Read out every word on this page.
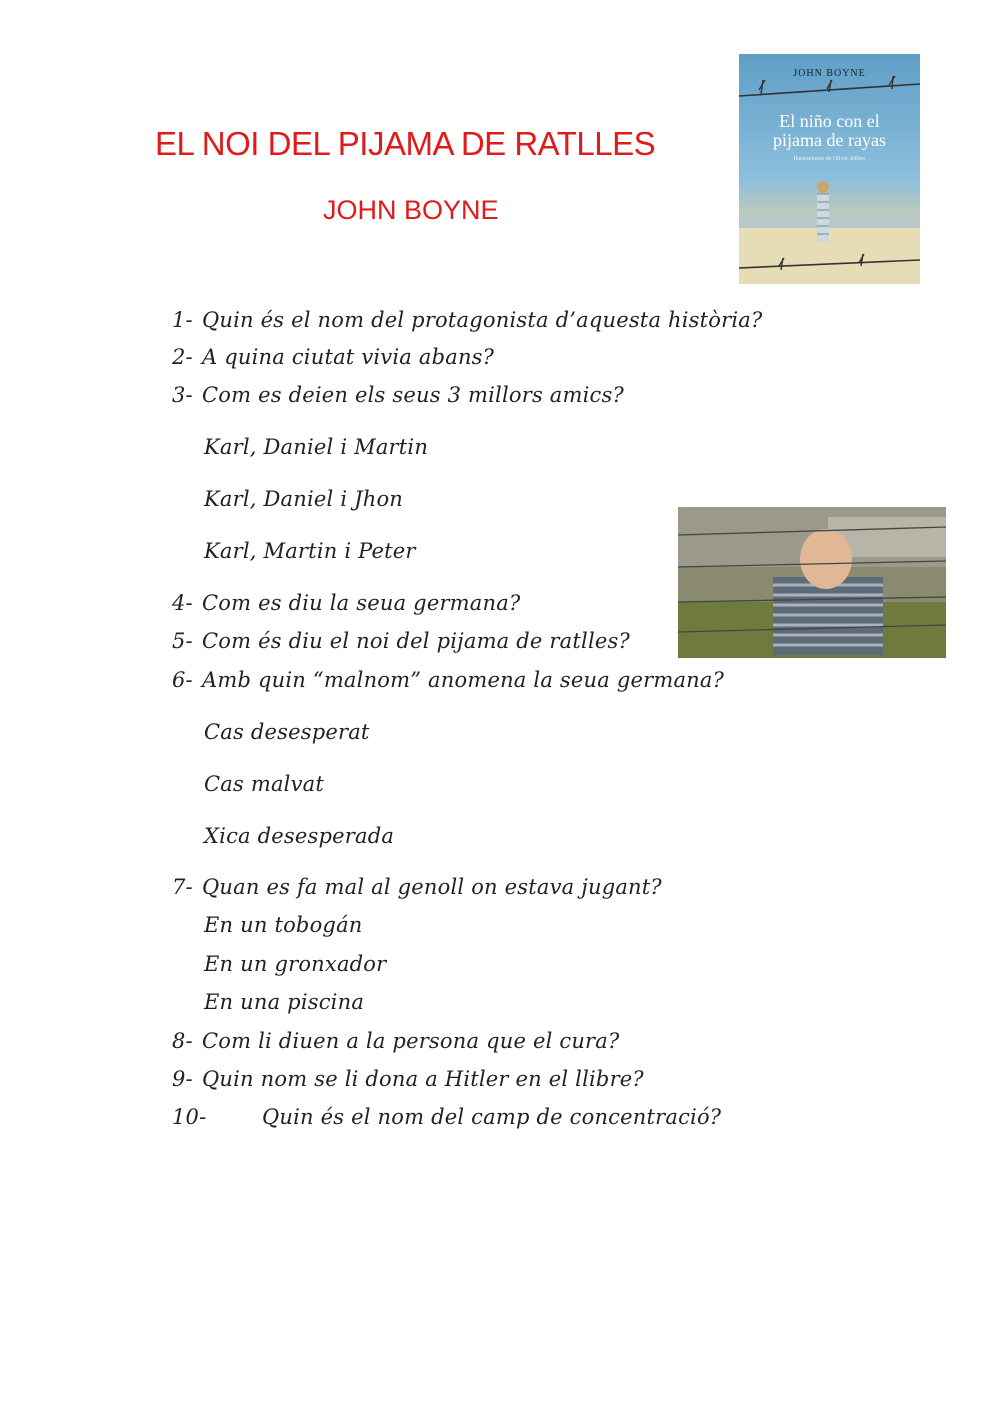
EL NOI DEL PIJAMA DE RATLLES
JOHN BOYNE
JOHN BOYNE
El niño con el
pijama de rayas
Ilustraciones de Oliver Jeffers
1- Quin és el nom del protagonista d’aquesta història?
2- A quina ciutat vivia abans?
3- Com es deien els seus 3 millors amics?
Karl, Daniel i Martin
Karl, Daniel i Jhon
Karl, Martin i Peter
4- Com es diu la seua germana?
5- Com és diu el noi del pijama de ratlles?
6- Amb quin “malnom” anomena la seua germana?
Cas desesperat
Cas malvat
Xica desesperada
7- Quan es fa mal al genoll on estava jugant?
En un tobogán
En un gronxador
En una piscina
8- Com li diuen a la persona que el cura?
9- Quin nom se li dona a Hitler en el llibre?
10-	Quin és el nom del camp de concentració?
